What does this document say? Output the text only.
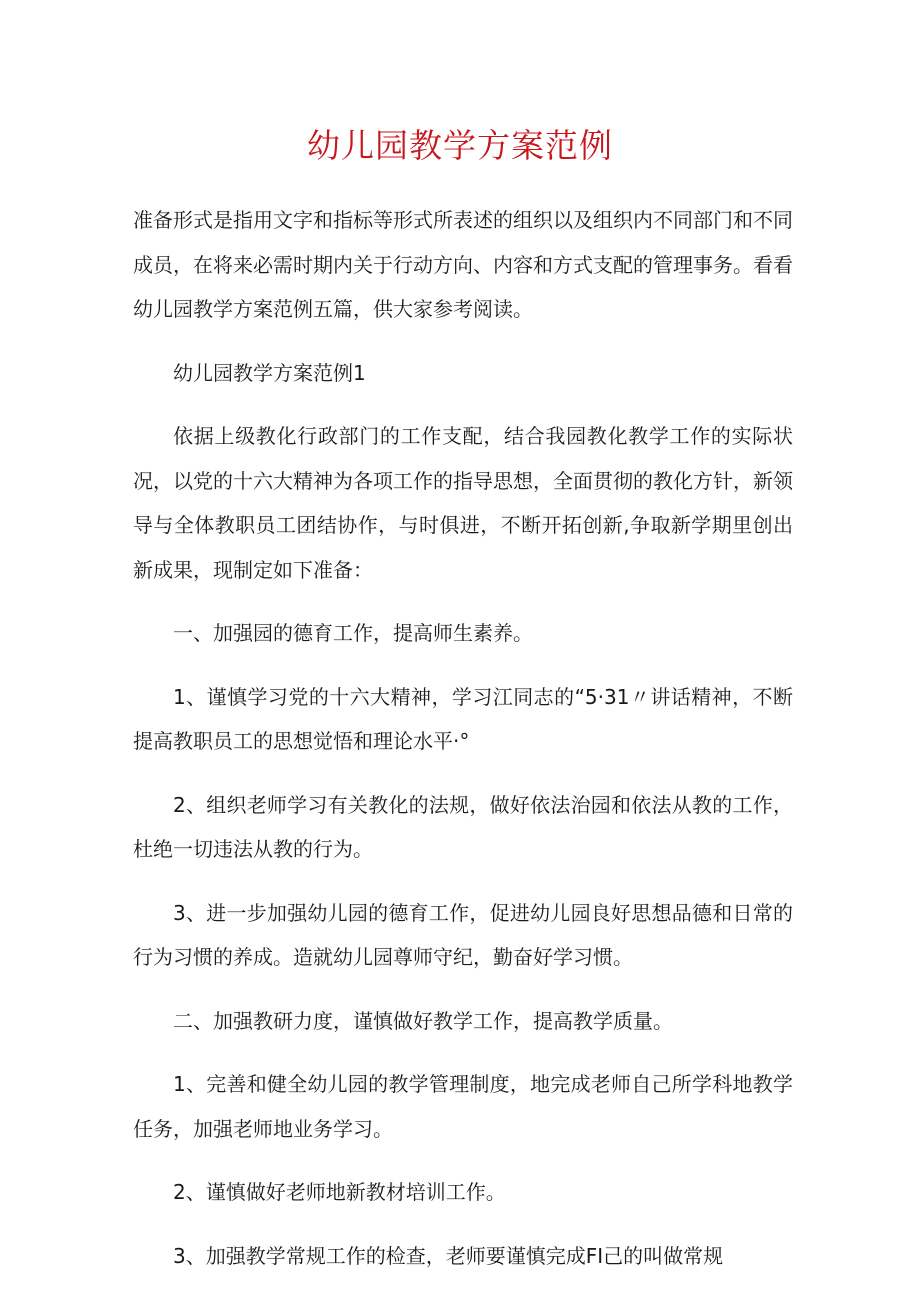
幼儿园教学方案范例

准备形式是指用文字和指标等形式所表述的组织以及组织内不同部门和不同成员，在将来必需时期内关于行动方向、内容和方式支配的管理事务。看看幼儿园教学方案范例五篇，供大家参考阅读。

幼儿园教学方案范例1

依据上级教化行政部门的工作支配，结合我园教化教学工作的实际状况，以党的十六大精神为各项工作的指导思想，全面贯彻的教化方针，新领导与全体教职员工团结协作，与时俱进，不断开拓创新,争取新学期里创出新成果，现制定如下准备：

一、加强园的德育工作，提高师生素养。

1、谨慎学习党的十六大精神，学习江同志的“5·31〃讲话精神，不断提高教职员工的思想觉悟和理论水平·°

2、组织老师学习有关教化的法规，做好依法治园和依法从教的工作，杜绝一切违法从教的行为。

3、进一步加强幼儿园的德育工作，促进幼儿园良好思想品德和日常的行为习惯的养成。造就幼儿园尊师守纪，勤奋好学习惯。

二、加强教研力度，谨慎做好教学工作，提高教学质量。

1、完善和健全幼儿园的教学管理制度，地完成老师自己所学科地教学任务，加强老师地业务学习。

2、谨慎做好老师地新教材培训工作。

3、加强教学常规工作的检查，老师要谨慎完成FI己的叫做常规
